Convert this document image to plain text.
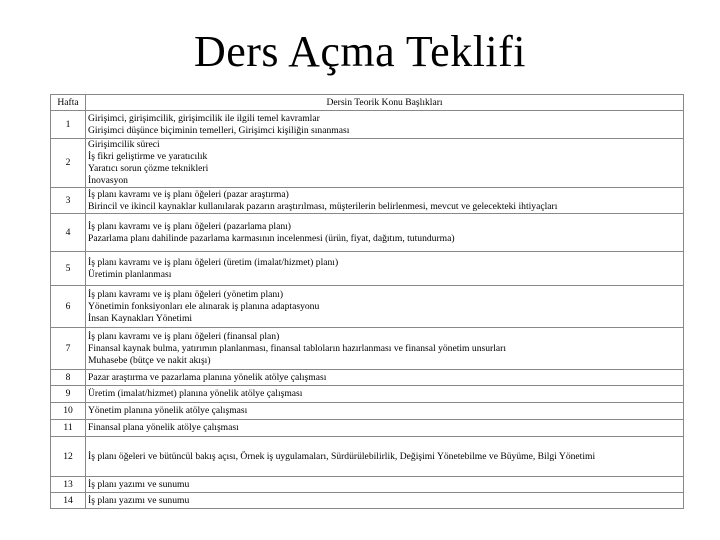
Ders Açma Teklifi
Hafta	Dersin Teorik Konu Başlıkları
1	Girişimci, girişimcilik, girişimcilik ile ilgili temel kavramlar
Girişimci düşünce biçiminin temelleri, Girişimci kişiliğin sınanması

2	Girişimcilik süreci
İş fikri geliştirme ve yaratıcılık
Yaratıcı sorun çözme teknikleri
İnovasyon

3	İş planı kavramı ve iş planı öğeleri (pazar araştırma)
Birincil ve ikincil kaynaklar kullanılarak pazarın araştırılması, müşterilerin belirlenmesi, mevcut ve gelecekteki ihtiyaçları

4	İş planı kavramı ve iş planı öğeleri (pazarlama planı)
Pazarlama planı dahilinde pazarlama karmasının incelenmesi (ürün, fiyat, dağıtım, tutundurma)

5	İş planı kavramı ve iş planı öğeleri (üretim (imalat/hizmet) planı)
Üretimin planlanması

6	İş planı kavramı ve iş planı öğeleri (yönetim planı)
Yönetimin fonksiyonları ele alınarak iş planına adaptasyonu
İnsan Kaynakları Yönetimi

7	İş planı kavramı ve iş planı öğeleri (finansal plan)
Finansal kaynak bulma, yatırımın planlanması, finansal tabloların hazırlanması ve finansal yönetim unsurları
Muhasebe (bütçe ve nakit akışı)

8	Pazar araştırma ve pazarlama planına yönelik atölye çalışması

9	Üretim (imalat/hizmet) planına yönelik atölye çalışması

10	Yönetim planına yönelik atölye çalışması

11	Finansal plana yönelik atölye çalışması

12	İş planı öğeleri ve bütüncül bakış açısı, Örnek iş uygulamaları, Sürdürülebilirlik, Değişimi Yönetebilme ve Büyüme, Bilgi Yönetimi

13	İş planı yazımı ve sunumu

14	İş planı yazımı ve sunumu
